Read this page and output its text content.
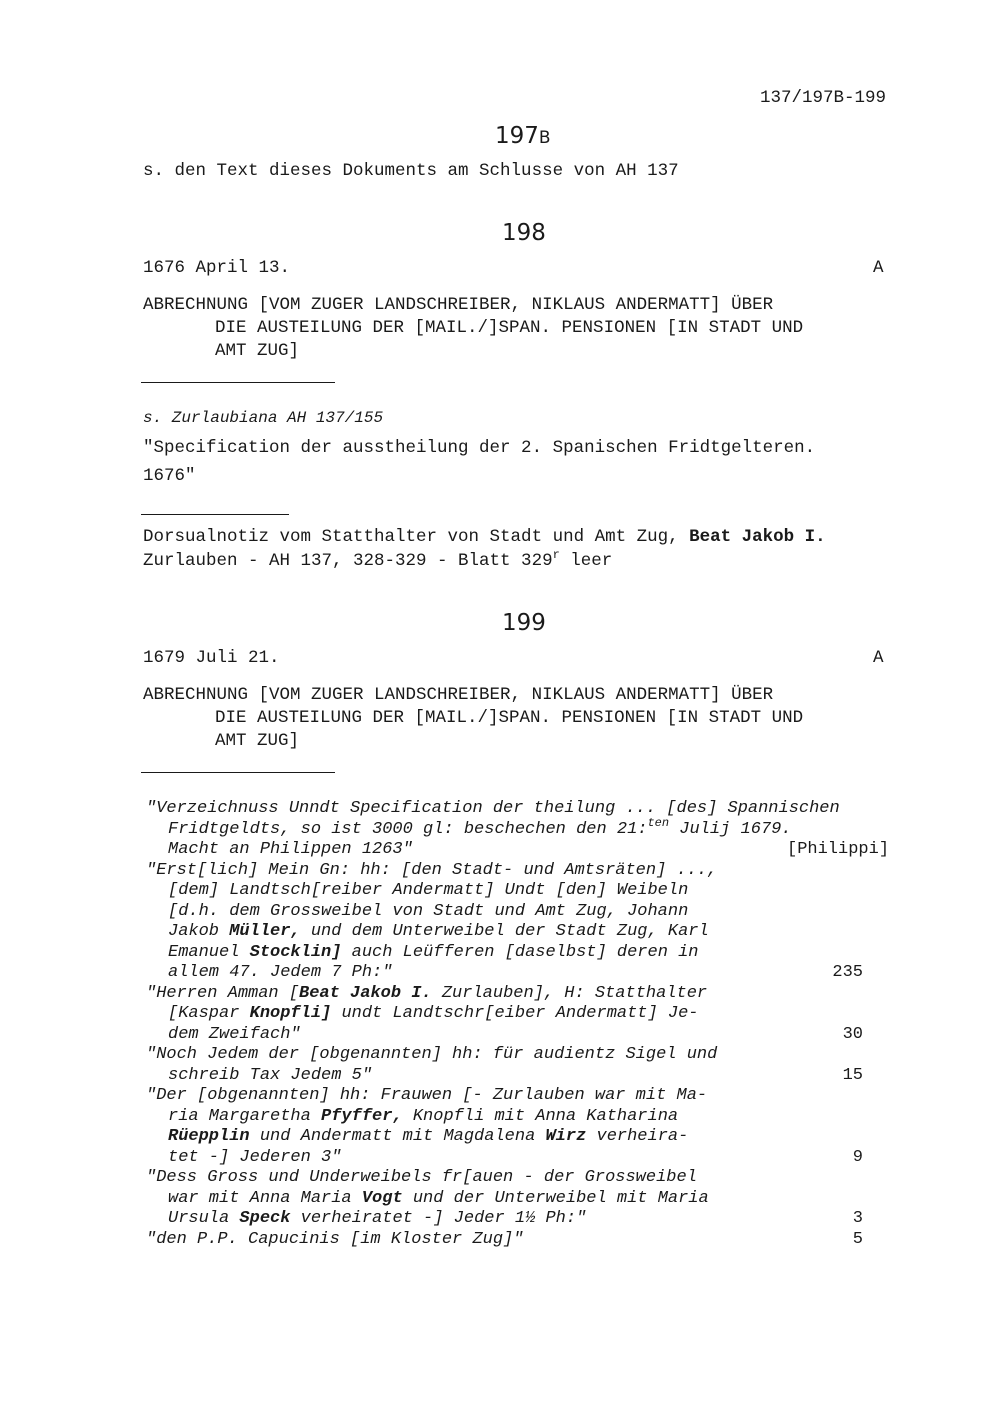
137/197B-199
197B
s. den Text dieses Dokuments am Schlusse von AH 137
198
1676 April 13.	A
ABRECHNUNG [VOM ZUGER LANDSCHREIBER, NIKLAUS ANDERMATT] ÜBER
DIE AUSTEILUNG DER [MAIL./]SPAN. PENSIONEN [IN STADT UND
AMT ZUG]
s. Zurlaubiana AH 137/155
"Specification der ausstheilung der 2. Spanischen Fridtgelteren.
1676"
Dorsualnotiz vom Statthalter von Stadt und Amt Zug, Beat Jakob I.
Zurlauben - AH 137, 328-329 - Blatt 329$^r$ leer
199
1679 Juli 21.	A
ABRECHNUNG [VOM ZUGER LANDSCHREIBER, NIKLAUS ANDERMATT] ÜBER
DIE AUSTEILUNG DER [MAIL./]SPAN. PENSIONEN [IN STADT UND
AMT ZUG]
"Verzeichnuss Unndt Specification der theilung ... [des] Spannischen
Fridtgeldts, so ist 3000 gl: beschechen den 21:$^{ten}$ Julij 1679.
Macht an Philippen 1263"	[Philippi]
"Erst[lich] Mein Gn: hh: [den Stadt- und Amtsräten] ...,
[dem] Landtsch[reiber Andermatt] Undt [den] Weibeln
[d.h. dem Grossweibel von Stadt und Amt Zug, Johann
Jakob Müller, und dem Unterweibel der Stadt Zug, Karl
Emanuel Stocklin] auch Leüfferen [daselbst] deren in
allem 47. Jedem 7 Ph:"	235
"Herren Amman [Beat Jakob I. Zurlauben], H: Statthalter
[Kaspar Knopfli] undt Landtschr[eiber Andermatt] Je-
dem Zweifach"	30
"Noch Jedem der [obgenannten] hh: für audientz Sigel und
schreib Tax Jedem 5"	15
"Der [obgenannten] hh: Frauwen [- Zurlauben war mit Ma-
ria Margaretha Pfyffer, Knopfli mit Anna Katharina
Rüepplin und Andermatt mit Magdalena Wirz verheira-
tet -] Jederen 3"	9
"Dess Gross und Underweibels fr[auen - der Grossweibel
war mit Anna Maria Vogt und der Unterweibel mit Maria
Ursula Speck verheiratet -] Jeder 1½ Ph:"	3
"den P.P. Capucinis [im Kloster Zug]"	5
